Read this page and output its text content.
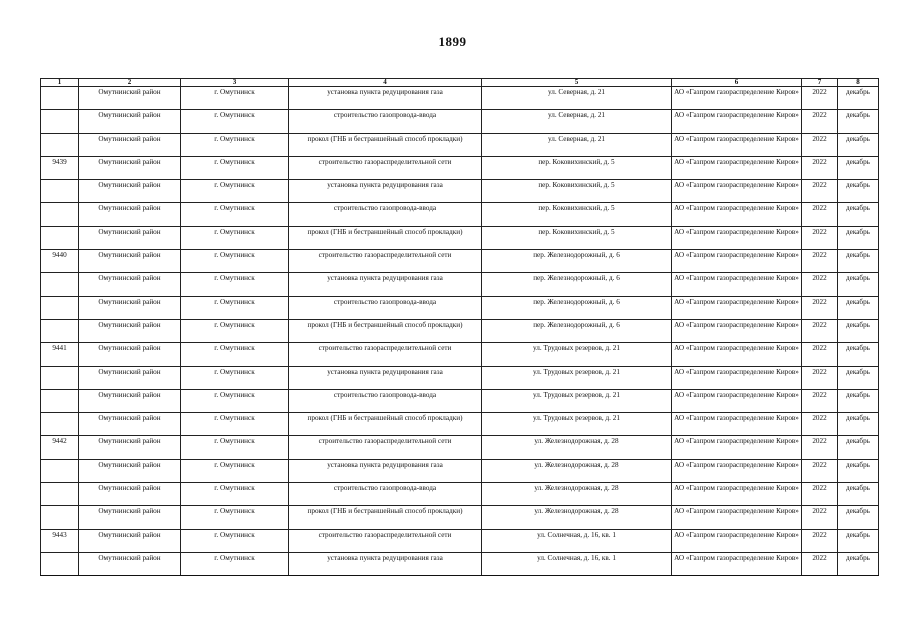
1899
1	2	3	4	5	6	7	8
	Омутнинский район	г. Омутнинск	установка пункта редуцирования газа	ул. Северная, д. 21	АО «Газпром газораспределение Киров»	2022	декабрь
	Омутнинский район	г. Омутнинск	строительство газопровода-ввода	ул. Северная, д. 21	АО «Газпром газораспределение Киров»	2022	декабрь
	Омутнинский район	г. Омутнинск	прокол (ГНБ и бестраншейный способ прокладки)	ул. Северная, д. 21	АО «Газпром газораспределение Киров»	2022	декабрь
9439	Омутнинский район	г. Омутнинск	строительство газораспределительной сети	пер. Коковихинский, д. 5	АО «Газпром газораспределение Киров»	2022	декабрь
	Омутнинский район	г. Омутнинск	установка пункта редуцирования газа	пер. Коковихинский, д. 5	АО «Газпром газораспределение Киров»	2022	декабрь
	Омутнинский район	г. Омутнинск	строительство газопровода-ввода	пер. Коковихинский, д. 5	АО «Газпром газораспределение Киров»	2022	декабрь
	Омутнинский район	г. Омутнинск	прокол (ГНБ и бестраншейный способ прокладки)	пер. Коковихинский, д. 5	АО «Газпром газораспределение Киров»	2022	декабрь
9440	Омутнинский район	г. Омутнинск	строительство газораспределительной сети	пер. Железнодорожный, д. 6	АО «Газпром газораспределение Киров»	2022	декабрь
	Омутнинский район	г. Омутнинск	установка пункта редуцирования газа	пер. Железнодорожный, д. 6	АО «Газпром газораспределение Киров»	2022	декабрь
	Омутнинский район	г. Омутнинск	строительство газопровода-ввода	пер. Железнодорожный, д. 6	АО «Газпром газораспределение Киров»	2022	декабрь
	Омутнинский район	г. Омутнинск	прокол (ГНБ и бестраншейный способ прокладки)	пер. Железнодорожный, д. 6	АО «Газпром газораспределение Киров»	2022	декабрь
9441	Омутнинский район	г. Омутнинск	строительство газораспределительной сети	ул. Трудовых резервов, д. 21	АО «Газпром газораспределение Киров»	2022	декабрь
	Омутнинский район	г. Омутнинск	установка пункта редуцирования газа	ул. Трудовых резервов, д. 21	АО «Газпром газораспределение Киров»	2022	декабрь
	Омутнинский район	г. Омутнинск	строительство газопровода-ввода	ул. Трудовых резервов, д. 21	АО «Газпром газораспределение Киров»	2022	декабрь
	Омутнинский район	г. Омутнинск	прокол (ГНБ и бестраншейный способ прокладки)	ул. Трудовых резервов, д. 21	АО «Газпром газораспределение Киров»	2022	декабрь
9442	Омутнинский район	г. Омутнинск	строительство газораспределительной сети	ул. Железнодорожная, д. 28	АО «Газпром газораспределение Киров»	2022	декабрь
	Омутнинский район	г. Омутнинск	установка пункта редуцирования газа	ул. Железнодорожная, д. 28	АО «Газпром газораспределение Киров»	2022	декабрь
	Омутнинский район	г. Омутнинск	строительство газопровода-ввода	ул. Железнодорожная, д. 28	АО «Газпром газораспределение Киров»	2022	декабрь
	Омутнинский район	г. Омутнинск	прокол (ГНБ и бестраншейный способ прокладки)	ул. Железнодорожная, д. 28	АО «Газпром газораспределение Киров»	2022	декабрь
9443	Омутнинский район	г. Омутнинск	строительство газораспределительной сети	ул. Солнечная, д. 16, кв. 1	АО «Газпром газораспределение Киров»	2022	декабрь
	Омутнинский район	г. Омутнинск	установка пункта редуцирования газа	ул. Солнечная, д. 16, кв. 1	АО «Газпром газораспределение Киров»	2022	декабрь
